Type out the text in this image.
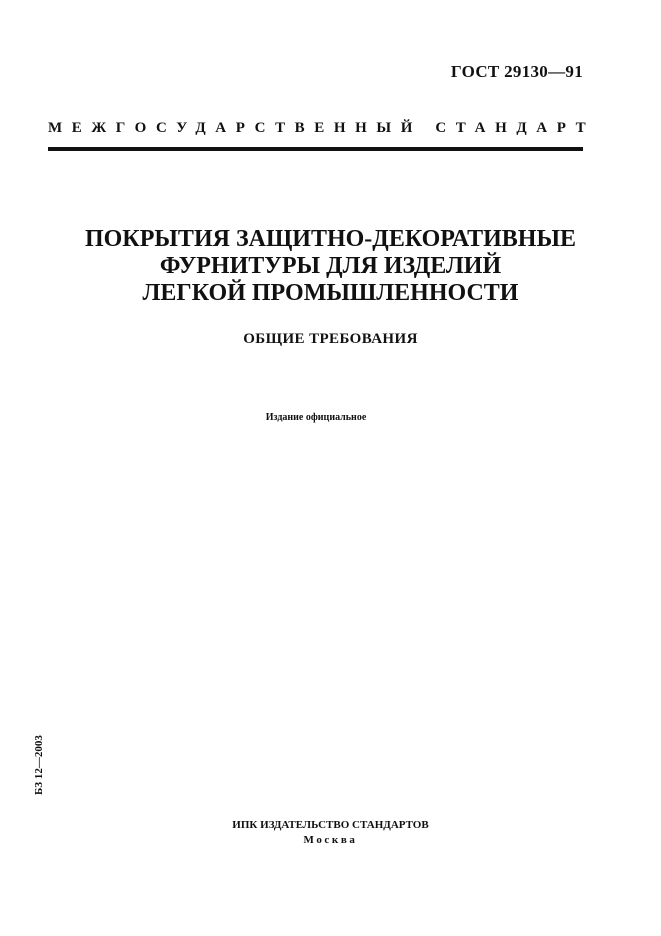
ГОСТ 29130—91
МЕЖГОСУДАРСТВЕННЫЙ СТАНДАРТ
ПОКРЫТИЯ ЗАЩИТНО-ДЕКОРАТИВНЫЕ
ФУРНИТУРЫ ДЛЯ ИЗДЕЛИЙ
ЛЕГКОЙ ПРОМЫШЛЕННОСТИ
ОБЩИЕ ТРЕБОВАНИЯ
Издание официальное
БЗ 12—2003
ИПК ИЗДАТЕЛЬСТВО СТАНДАРТОВ
Москва
